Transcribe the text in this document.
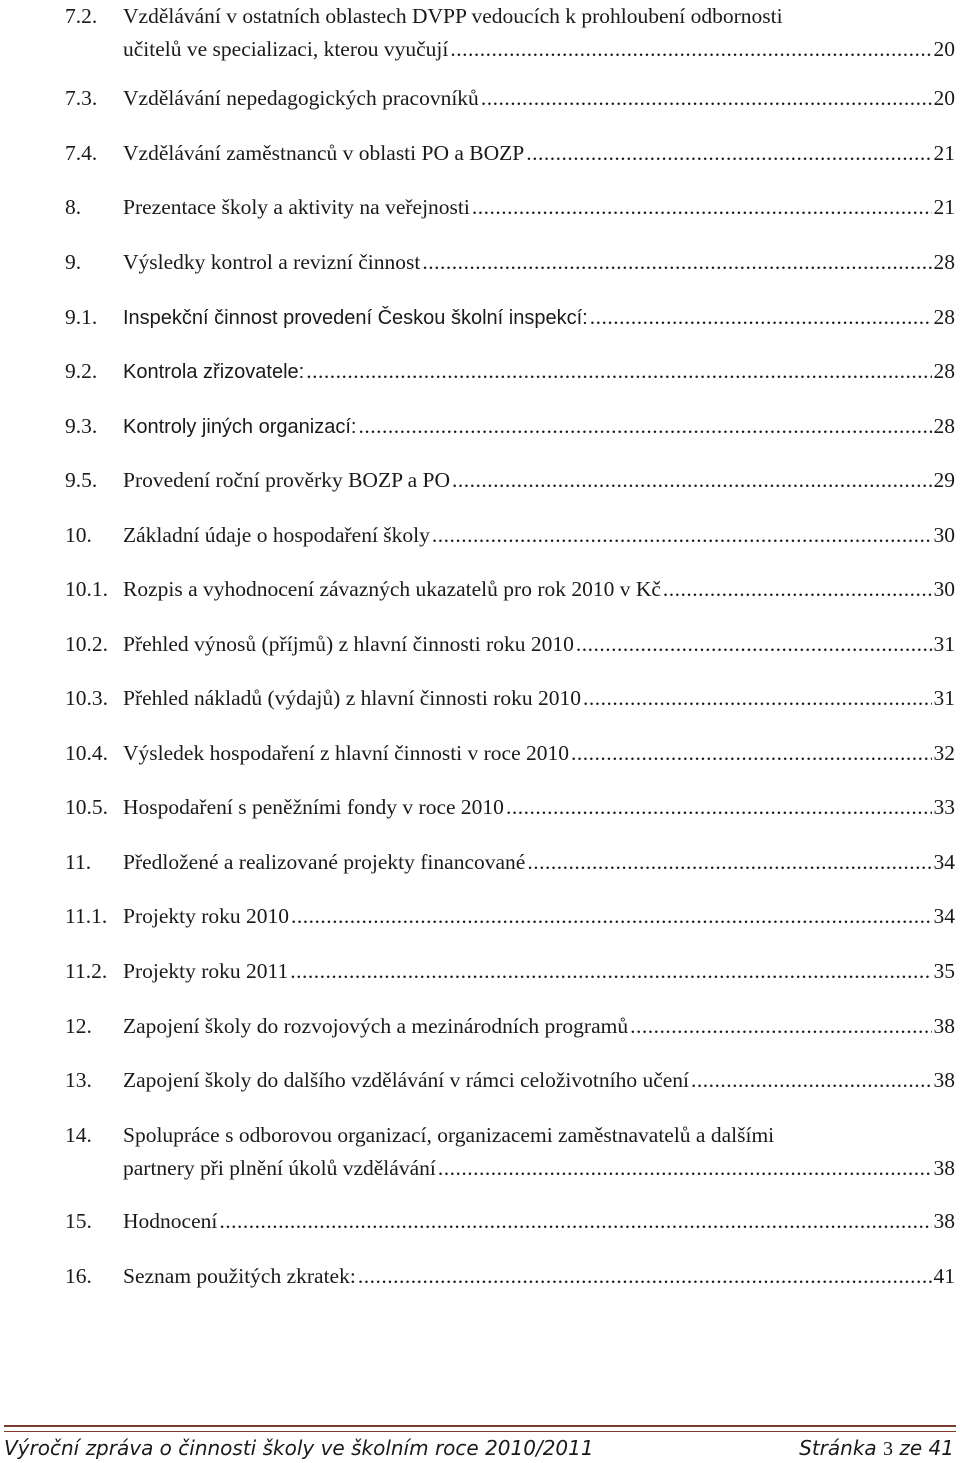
7.2. Vzdělávání v ostatních oblastech DVPP vedoucích k prohloubení odbornosti
učitelů ve specializaci, kterou vyučují .....	20
7.3. Vzdělávání nepedagogických pracovníků .....	20
7.4. Vzdělávání zaměstnanců v oblasti PO a BOZP .....	21
8. Prezentace školy a aktivity na veřejnosti .....	21
9. Výsledky kontrol a revizní činnost .....	28
9.1. Inspekční činnost provedení Českou školní inspekcí: .....	28
9.2. Kontrola zřizovatele: .....	28
9.3. Kontroly jiných organizací: .....	28
9.5. Provedení roční prověrky BOZP a PO .....	29
10. Základní údaje o hospodaření školy .....	30
10.1. Rozpis a vyhodnocení závazných ukazatelů pro rok 2010 v Kč .....	30
10.2. Přehled výnosů (příjmů) z hlavní činnosti roku 2010 .....	31
10.3. Přehled nákladů (výdajů) z hlavní činnosti roku 2010 .....	31
10.4. Výsledek hospodaření z hlavní činnosti v roce 2010 .....	32
10.5. Hospodaření s peněžními fondy v roce 2010 .....	33
11. Předložené a realizované projekty financované .....	34
11.1. Projekty roku 2010 .....	34
11.2. Projekty roku 2011 .....	35
12. Zapojení školy do rozvojových a mezinárodních programů .....	38
13. Zapojení školy do dalšího vzdělávání v rámci celoživotního učení .....	38
14. Spolupráce s odborovou organizací, organizacemi zaměstnavatelů a dalšími
partnery při plnění úkolů vzdělávání .....	38
15. Hodnocení .....	38
16. Seznam použitých zkratek: .....	41
Výroční zpráva o činnosti školy ve školním roce 2010/2011	Stránka 3 ze 41
